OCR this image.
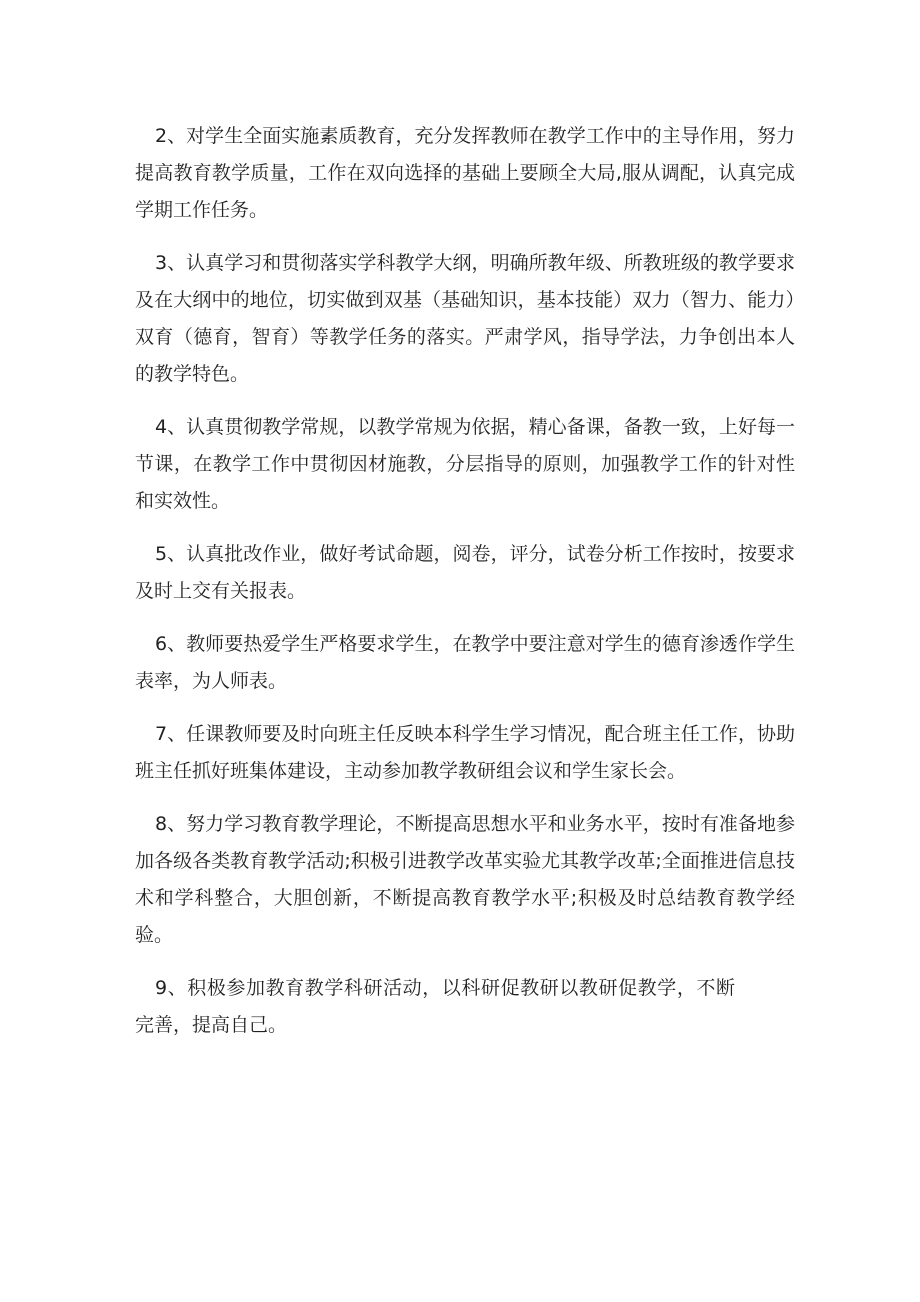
2、对学生全面实施素质教育，充分发挥教师在教学工作中的主导作用，努力提高教育教学质量，工作在双向选择的基础上要顾全大局,服从调配，认真完成学期工作任务。

3、认真学习和贯彻落实学科教学大纲，明确所教年级、所教班级的教学要求及在大纲中的地位，切实做到双基（基础知识，基本技能）双力（智力、能力）双育（德育，智育）等教学任务的落实。严肃学风，指导学法，力争创出本人的教学特色。

4、认真贯彻教学常规，以教学常规为依据，精心备课，备教一致，上好每一节课，在教学工作中贯彻因材施教，分层指导的原则，加强教学工作的针对性和实效性。

5、认真批改作业，做好考试命题，阅卷，评分，试卷分析工作按时，按要求及时上交有关报表。

6、教师要热爱学生严格要求学生，在教学中要注意对学生的德育渗透作学生表率，为人师表。

7、任课教师要及时向班主任反映本科学生学习情况，配合班主任工作，协助班主任抓好班集体建设，主动参加教学教研组会议和学生家长会。

8、努力学习教育教学理论，不断提高思想水平和业务水平，按时有准备地参加各级各类教育教学活动;积极引进教学改革实验尤其教学改革;全面推进信息技术和学科整合，大胆创新，不断提高教育教学水平;积极及时总结教育教学经验。

9、积极参加教育教学科研活动，以科研促教研以教研促教学，不断完善，提高自己。
